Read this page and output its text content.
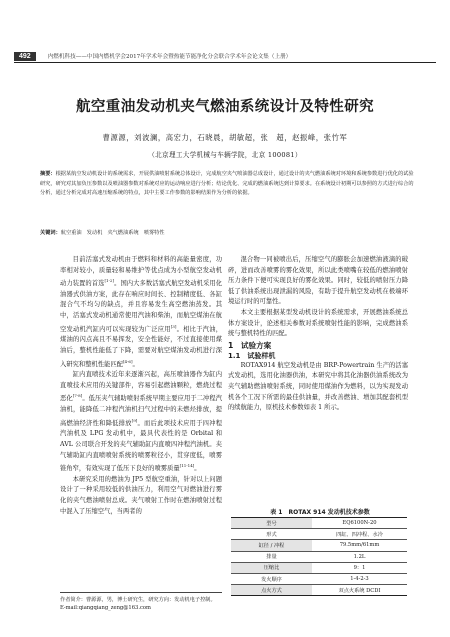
492	内燃机科技——中国内燃机学会2017年学术年会暨热能节能净化分会联合学术年会论文集（上册）
航空重油发动机夹气燃油系统设计及特性研究
曹源源，刘波澜，高宏力，石晓晨，胡敏超，张　超，赵振峰，张竹军
（北京理工大学机械与车辆学院，北京 100081）
摘要：根据某航空发动机设计的系统需求，开展供油喷射系统总体设计，完成航空夹气喷油器总成设计，通过设计的夹气燃油系统对环境和系统参数进行优化的试验研究，研究对其加负压参数以及喷油器参数对系统对应的运动响应进行分析；结论优化、完成的燃油系统达到计算要求。在系统设计初期可以参照的方式进行综合的分析，通过分析完成对高速压缩系统的特点，其中主要工作参数的影响结果作为分析的依据。
关键词：航空重油　发动机　夹气燃油系统　喷雾特性

目前活塞式发动机由于燃料和材料的高能量密度，功率相对较小，质量轻和易维护等优点成为小型航空发动机动力装置的首选[1-2]。国内大多数活塞式航空发动机采用化油器式供油方案，此存在响应时间长、控制精度低、各缸混合气不均匀的缺点，并且容易发生高空燃油蒸发。其中，活塞式发动机通常使用汽油和柴油，而航空煤油在航空发动机汽缸内可以实现较为广泛应用[3]。相比于汽油，煤油的闪点高且不易挥发，安全性能好，不过直接使用煤油后，整机性能低了下降，需要对航空煤油发动机进行深入研究和整机性能匹配[4-6]。

缸内直喷技术近年来逐渐兴起，高压喷油器作为缸内直喷技术应用的关键部件，容易引起燃油颗粒，燃烧过程恶化[7-8]。低压夹气辅助喷射系统早期主要应用于二冲程汽油机，能降低二冲程汽油机扫气过程中的未燃烃排放，提高燃油经济性和降低排放[9]。而后此项技术应用于四冲程汽油机及 LPG 发动机中，最具代表性的是 Orbital 和 AVL 公司联合开发的夹气辅助缸内直喷四冲程汽油机。夹气辅助缸内直喷喷射系统的喷雾粒径小，贯穿度低，喷雾锥角窄，有效实现了低压下良好的喷雾质量[11-14]。

本研究采用的燃油为 JP5 型航空重油，针对以上问题设计了一种采用较低的供油压力，利用空气对燃油进行雾化的夹气燃油喷射总成。夹气喷射工作时在燃油喷射过程中混入了压缩空气，当两者的

作者简介：曹源源，男，博士研究生，研究方向：发动机电子控制。
E-mail:qiangqiang_zeng@163.com

混合物一同被喷出后，压缩空气的膨胀会加速燃油液滴的破碎，进而改善喷雾的雾化效果，所以此类喷嘴在较低的燃油喷射压力条件下便可实现良好的雾化效果。同时，较低的喷射压力降低了供油系统出现泄漏的风险，有助于提升航空发动机在极端环境运行时的可靠性。

本文主要根据某型发动机设计的系统需求，开展燃油系统总体方案设计，论述相关参数对系统喷射性能的影响，完成燃油系统与整机特性的匹配。

1　试验方案

1.1　试验样机

ROTAX914 航空发动机是由 BRP-Powertrain 生产的活塞式发动机，选用化油器供油，本研究中将其化油器供油系统改为夹气辅助燃油喷射系统，同时使用煤油作为燃料，以为实现发动机各个工况下所需的最佳供油量，并改善燃油、增加其配套机型的续航能力，原机技术参数如表 1 所示。

表 1　ROTAX 914 发动机技术参数
型号	EQ6100N-20
形式	四缸、四冲程、水冷
缸径 / 冲程	79.5mm/61mm
排量	1.2L
压缩比	9：1
发火顺序	1-4-2-3
点火方式	双点火系统 DCDI
